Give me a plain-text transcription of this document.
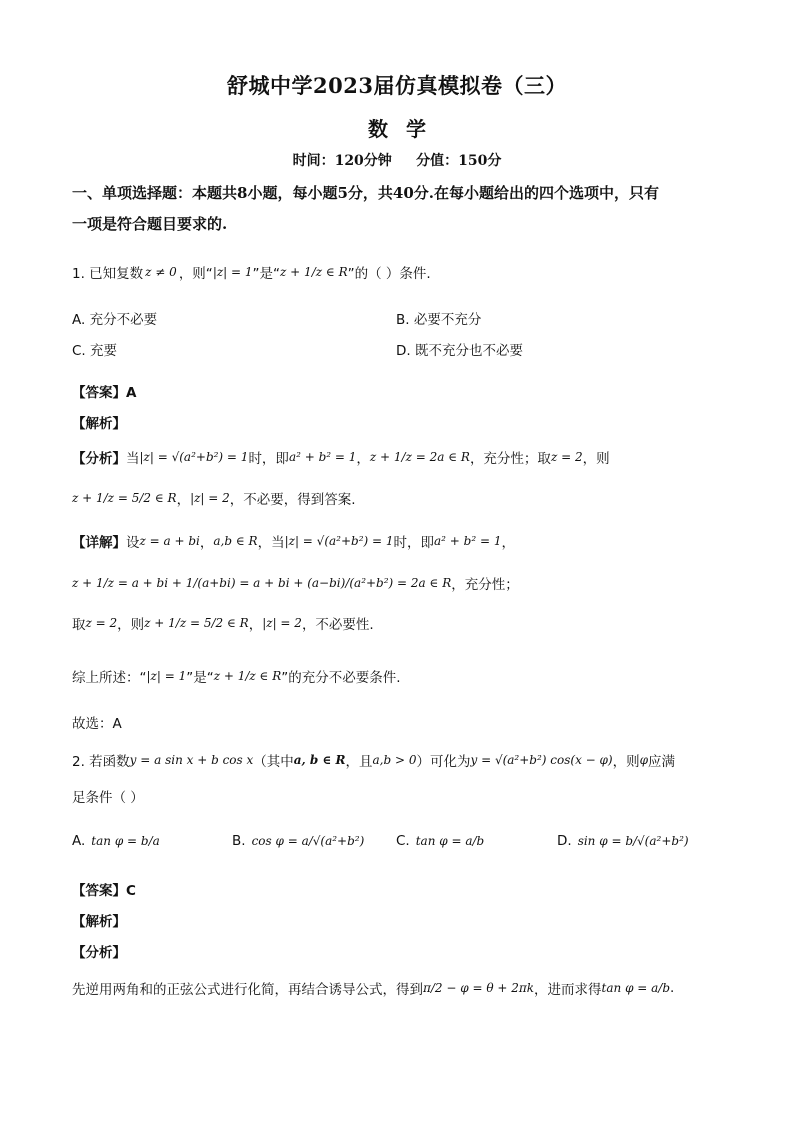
舒城中学2023届仿真模拟卷（三）
数学
时间：120分钟     分值：150分
一、单项选择题：本题共8小题，每小题5分，共40分.在每小题给出的四个选项中，只有
一项是符合题目要求的.
1. 已知复数 z ≠ 0 ，则“ |z| = 1 ”是“ z + 1/z ∈ R ”的（ ）条件.
A. 充分不必要	B. 必要不充分
C. 充要	D. 既不充分也不必要
【答案】A
【解析】
【分析】 当 |z| = √(a²+b²) = 1 时，即 a² + b² = 1 ， z + 1/z = 2a ∈ R ，充分性；取 z = 2 ，则
z + 1/z = 5/2 ∈ R ， |z| = 2 ，不必要，得到答案.
【详解】 设 z = a + bi ， a,b ∈ R ，当 |z| = √(a²+b²) = 1 时，即 a² + b² = 1 ，
z + 1/z = a + bi + 1/(a+bi) = a + bi + (a−bi)/(a²+b²) = 2a ∈ R ，充分性；
取 z = 2 ，则 z + 1/z = 5/2 ∈ R ， |z| = 2 ，不必要性.
综上所述：“ |z| = 1 ”是“ z + 1/z ∈ R ”的充分不必要条件.
故选：A
2. 若函数 y = a sin x + b cos x （其中 a, b ∈ R ，且 a,b > 0 ）可化为 y = √(a²+b²) cos(x − φ) ，则 φ 应满
足条件（ ）
A. tan φ = b/a	B. cos φ = a/√(a²+b²) C. tan φ = a/b	D. sin φ = b/√(a²+b²)
【答案】C
【解析】
【分析】
先逆用两角和的正弦公式进行化简，再结合诱导公式，得到 π/2 − φ = θ + 2πk ，进而求得 tan φ = a/b .
